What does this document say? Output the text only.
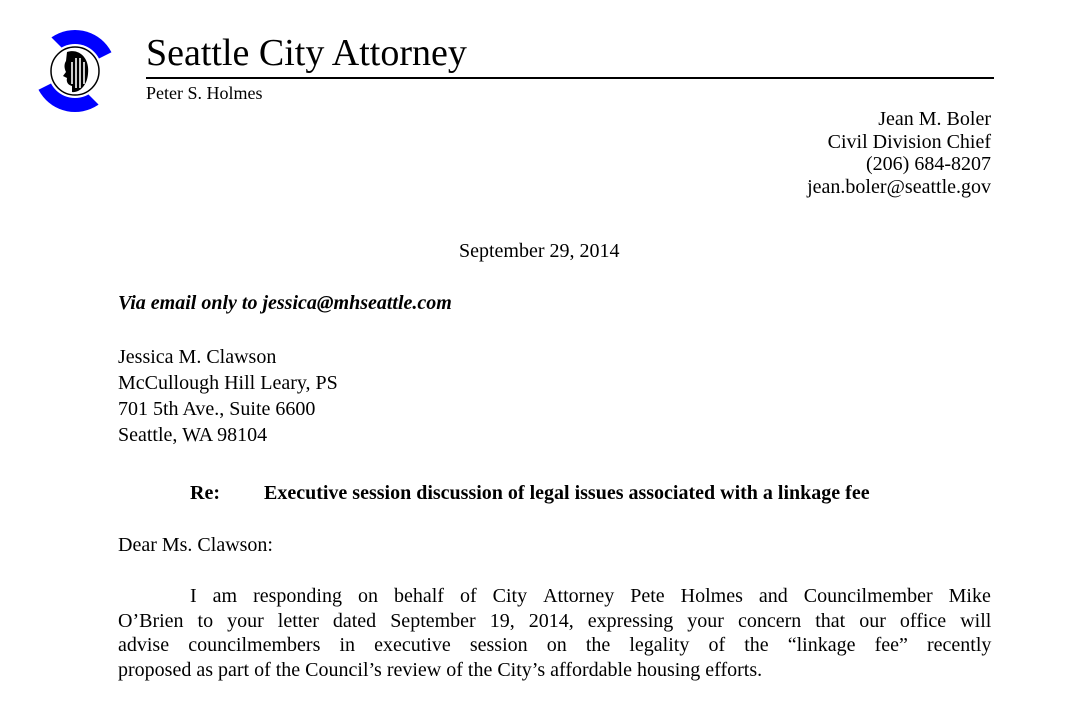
Seattle City Attorney
Peter S. Holmes
Jean M. Boler
Civil Division Chief
(206) 684-8207
jean.boler@seattle.gov
September 29, 2014
Via email only to jessica@mhseattle.com
Jessica M. Clawson
McCullough Hill Leary, PS
701 5th Ave., Suite 6600
Seattle, WA 98104
Re: Executive session discussion of legal issues associated with a linkage fee
Dear Ms. Clawson:
I am responding on behalf of City Attorney Pete Holmes and Councilmember Mike
O’Brien to your letter dated September 19, 2014, expressing your concern that our office will
advise councilmembers in executive session on the legality of the “linkage fee” recently
proposed as part of the Council’s review of the City’s affordable housing efforts.
